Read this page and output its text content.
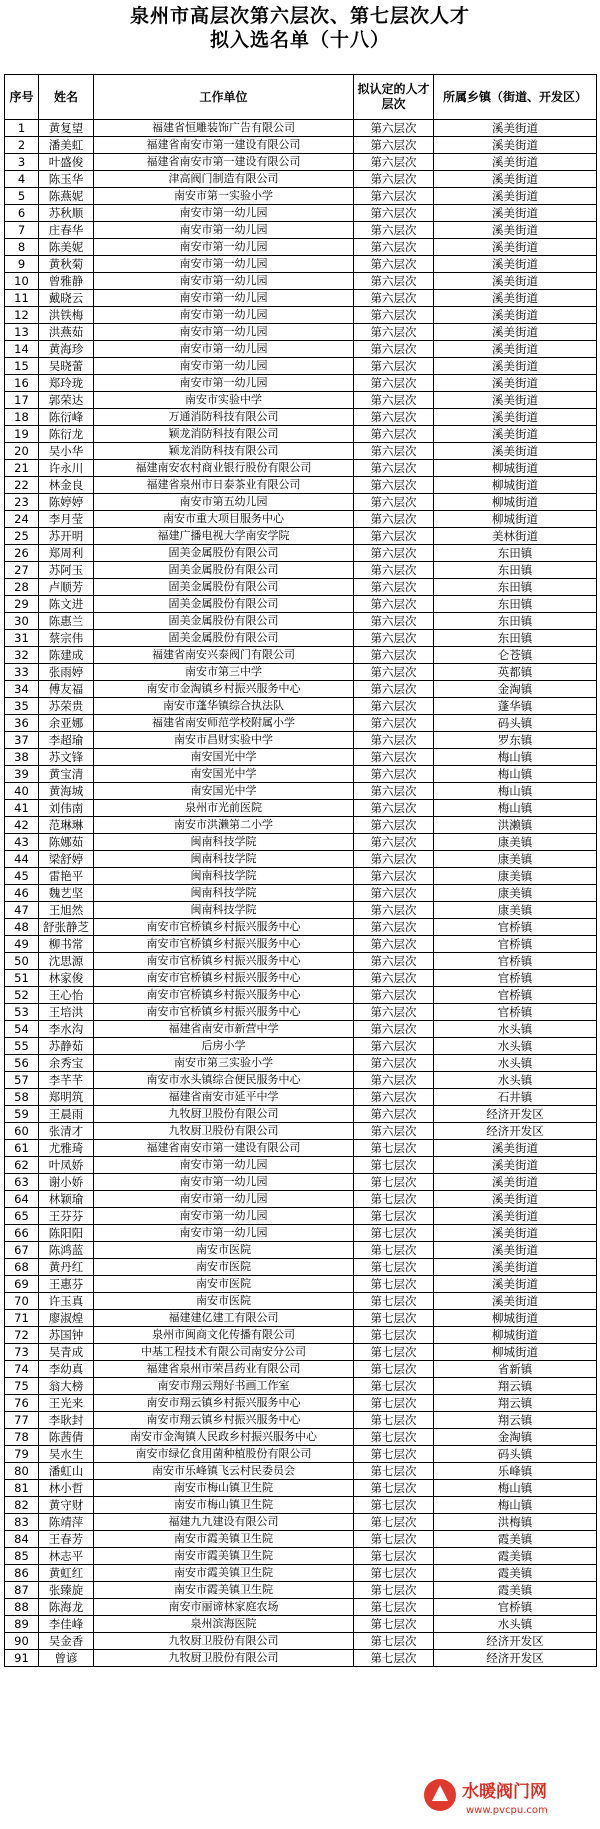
泉州市高层次第六层次、第七层次人才
拟入选名单（十八）
序号	姓名	工作单位	拟认定的人才层次	所属乡镇（街道、开发区）
1	黄复望	福建省恒雕装饰广告有限公司	第六层次	溪美街道
2	潘美虹	福建省南安市第一建设有限公司	第六层次	溪美街道
3	叶盛俊	福建省南安市第一建设有限公司	第六层次	溪美街道
4	陈玉华	津高阀门制造有限公司	第六层次	溪美街道
5	陈燕妮	南安市第一实验小学	第六层次	溪美街道
6	苏秋顺	南安市第一幼儿园	第六层次	溪美街道
7	庄春华	南安市第一幼儿园	第六层次	溪美街道
8	陈美妮	南安市第一幼儿园	第六层次	溪美街道
9	黄秋菊	南安市第一幼儿园	第六层次	溪美街道
10	曾雅静	南安市第一幼儿园	第六层次	溪美街道
11	戴晓云	南安市第一幼儿园	第六层次	溪美街道
12	洪铁梅	南安市第一幼儿园	第六层次	溪美街道
13	洪燕茹	南安市第一幼儿园	第六层次	溪美街道
14	黄海珍	南安市第一幼儿园	第六层次	溪美街道
15	吴晓蕾	南安市第一幼儿园	第六层次	溪美街道
16	郑玲珑	南安市第一幼儿园	第六层次	溪美街道
17	郭荣达	南安市实验中学	第六层次	溪美街道
18	陈衍峰	万通消防科技有限公司	第六层次	溪美街道
19	陈衍龙	颖龙消防科技有限公司	第六层次	溪美街道
20	吴小华	颖龙消防科技有限公司	第六层次	溪美街道
21	许永川	福建南安农村商业银行股份有限公司	第六层次	柳城街道
22	林金良	福建省泉州市日泰茶业有限公司	第六层次	柳城街道
23	陈婷婷	南安市第五幼儿园	第六层次	柳城街道
24	李月莹	南安市重大项目服务中心	第六层次	柳城街道
25	苏开明	福建广播电视大学南安学院	第六层次	美林街道
26	郑周利	固美金属股份有限公司	第六层次	东田镇
27	苏阿玉	固美金属股份有限公司	第六层次	东田镇
28	卢顺芳	固美金属股份有限公司	第六层次	东田镇
29	陈文进	固美金属股份有限公司	第六层次	东田镇
30	陈惠兰	固美金属股份有限公司	第六层次	东田镇
31	蔡宗伟	固美金属股份有限公司	第六层次	东田镇
32	陈建成	福建省南安兴泰阀门有限公司	第六层次	仑苍镇
33	张雨婷	南安市第三中学	第六层次	英都镇
34	傅友福	南安市金淘镇乡村振兴服务中心	第六层次	金淘镇
35	苏荣贵	南安市蓬华镇综合执法队	第六层次	蓬华镇
36	余亚娜	福建省南安师范学校附属小学	第六层次	码头镇
37	李超瑜	南安市昌财实验中学	第六层次	罗东镇
38	苏文锋	南安国光中学	第六层次	梅山镇
39	黄宝清	南安国光中学	第六层次	梅山镇
40	黄海城	南安国光中学	第六层次	梅山镇
41	刘伟南	泉州市光前医院	第六层次	梅山镇
42	范琳琳	南安市洪濑第二小学	第六层次	洪濑镇
43	陈娜茹	闽南科技学院	第六层次	康美镇
44	梁舒婷	闽南科技学院	第六层次	康美镇
45	雷艳平	闽南科技学院	第六层次	康美镇
46	魏艺坚	闽南科技学院	第六层次	康美镇
47	王旭然	闽南科技学院	第六层次	康美镇
48	舒张静芝	南安市官桥镇乡村振兴服务中心	第六层次	官桥镇
49	柳书常	南安市官桥镇乡村振兴服务中心	第六层次	官桥镇
50	沈思源	南安市官桥镇乡村振兴服务中心	第六层次	官桥镇
51	林家俊	南安市官桥镇乡村振兴服务中心	第六层次	官桥镇
52	王心怡	南安市官桥镇乡村振兴服务中心	第六层次	官桥镇
53	王培洪	南安市官桥镇乡村振兴服务中心	第六层次	官桥镇
54	李水沟	福建省南安市新营中学	第六层次	水头镇
55	苏静茹	后房小学	第六层次	水头镇
56	余秀宝	南安市第三实验小学	第六层次	水头镇
57	李芊芊	南安市水头镇综合便民服务中心	第六层次	水头镇
58	郑明筑	福建省南安市延平中学	第六层次	石井镇
59	王晨雨	九牧厨卫股份有限公司	第六层次	经济开发区
60	张清才	九牧厨卫股份有限公司	第六层次	经济开发区
61	尤雅琦	福建省南安市第一建设有限公司	第七层次	溪美街道
62	叶凤娇	南安市第一幼儿园	第七层次	溪美街道
63	谢小娇	南安市第一幼儿园	第七层次	溪美街道
64	林颖瑜	南安市第一幼儿园	第七层次	溪美街道
65	王芬芬	南安市第一幼儿园	第七层次	溪美街道
66	陈阳阳	南安市第一幼儿园	第七层次	溪美街道
67	陈鸿蓝	南安市医院	第七层次	溪美街道
68	黄丹红	南安市医院	第七层次	溪美街道
69	王惠芬	南安市医院	第七层次	溪美街道
70	许玉真	南安市医院	第七层次	溪美街道
71	廖淑煌	福建建亿建工有限公司	第七层次	柳城街道
72	苏国钟	泉州市闽商文化传播有限公司	第七层次	柳城街道
73	吴青成	中基工程技术有限公司南安分公司	第七层次	柳城街道
74	李幼真	福建省泉州市荣昌药业有限公司	第七层次	省新镇
75	翁大榜	南安市翔云翔好书画工作室	第七层次	翔云镇
76	王光来	南安市翔云镇乡村振兴服务中心	第七层次	翔云镇
77	李耿封	南安市翔云镇乡村振兴服务中心	第七层次	翔云镇
78	陈茜倩	南安市金淘镇人民政乡村振兴服务中心	第七层次	金淘镇
79	吴水生	南安市绿亿食用菌种植股份有限公司	第七层次	码头镇
80	潘虹山	南安市乐峰镇飞云村民委员会	第七层次	乐峰镇
81	林小哲	南安市梅山镇卫生院	第七层次	梅山镇
82	黄守财	南安市梅山镇卫生院	第七层次	梅山镇
83	陈靖萍	福建九九建设有限公司	第七层次	洪梅镇
84	王春芳	南安市霞美镇卫生院	第七层次	霞美镇
85	林志平	南安市霞美镇卫生院	第七层次	霞美镇
86	黄虹红	南安市霞美镇卫生院	第七层次	霞美镇
87	张臻旋	南安市霞美镇卫生院	第七层次	霞美镇
88	陈海龙	南安市丽谛林家庭农场	第七层次	官桥镇
89	李佳峰	泉州滨海医院	第七层次	水头镇
90	吴金香	九牧厨卫股份有限公司	第七层次	经济开发区
91	曾谚	九牧厨卫股份有限公司	第七层次	经济开发区
水暖阀门网
www.pvcpu.com
